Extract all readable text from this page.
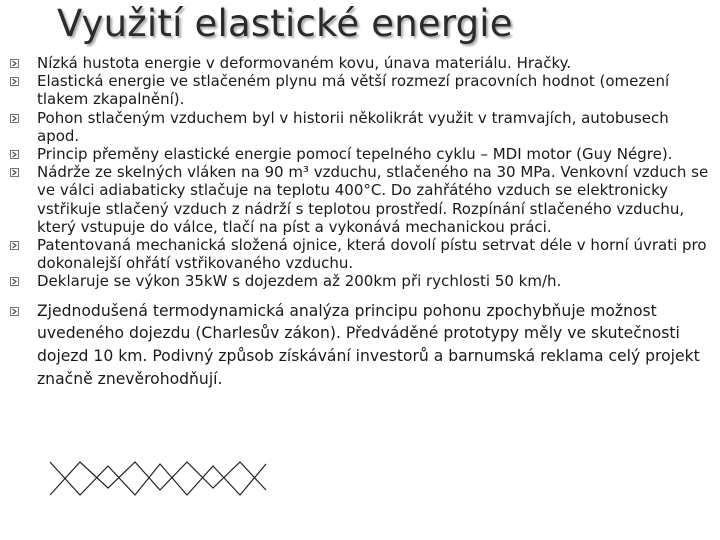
Využití elastické energie
Nízká hustota energie v deformovaném kovu, únava materiálu. Hračky.
Elastická energie ve stlačeném plynu má větší rozmezí pracovních hodnot (omezení tlakem zkapalnění).
Pohon stlačeným vzduchem byl v historii několikrát využit v tramvajích, autobusech apod.
Princip přeměny elastické energie pomocí tepelného cyklu – MDI motor (Guy Négre).
Nádrže ze skelných vláken na 90 m³ vzduchu, stlačeného na 30 MPa. Venkovní vzduch se ve válci adiabaticky stlačuje na teplotu 400°C. Do zahřátého vzduch se elektronicky vstřikuje stlačený vzduch z nádrží s teplotou prostředí. Rozpínání stlačeného vzduchu, který vstupuje do válce, tlačí na píst a vykonává mechanickou práci.
Patentovaná mechanická složená ojnice, která dovolí pístu setrvat déle v horní úvrati pro dokonalejší ohřátí vstřikovaného vzduchu.
Deklaruje se výkon 35kW s dojezdem až 200km při rychlosti 50 km/h.
Zjednodušená termodynamická analýza principu pohonu zpochybňuje možnost uvedeného dojezdu (Charlesův zákon). Předváděné prototypy měly ve skutečnosti dojezd 10 km. Podivný způsob získávání investorů a barnumská reklama celý projekt značně znevěrohodňují.
